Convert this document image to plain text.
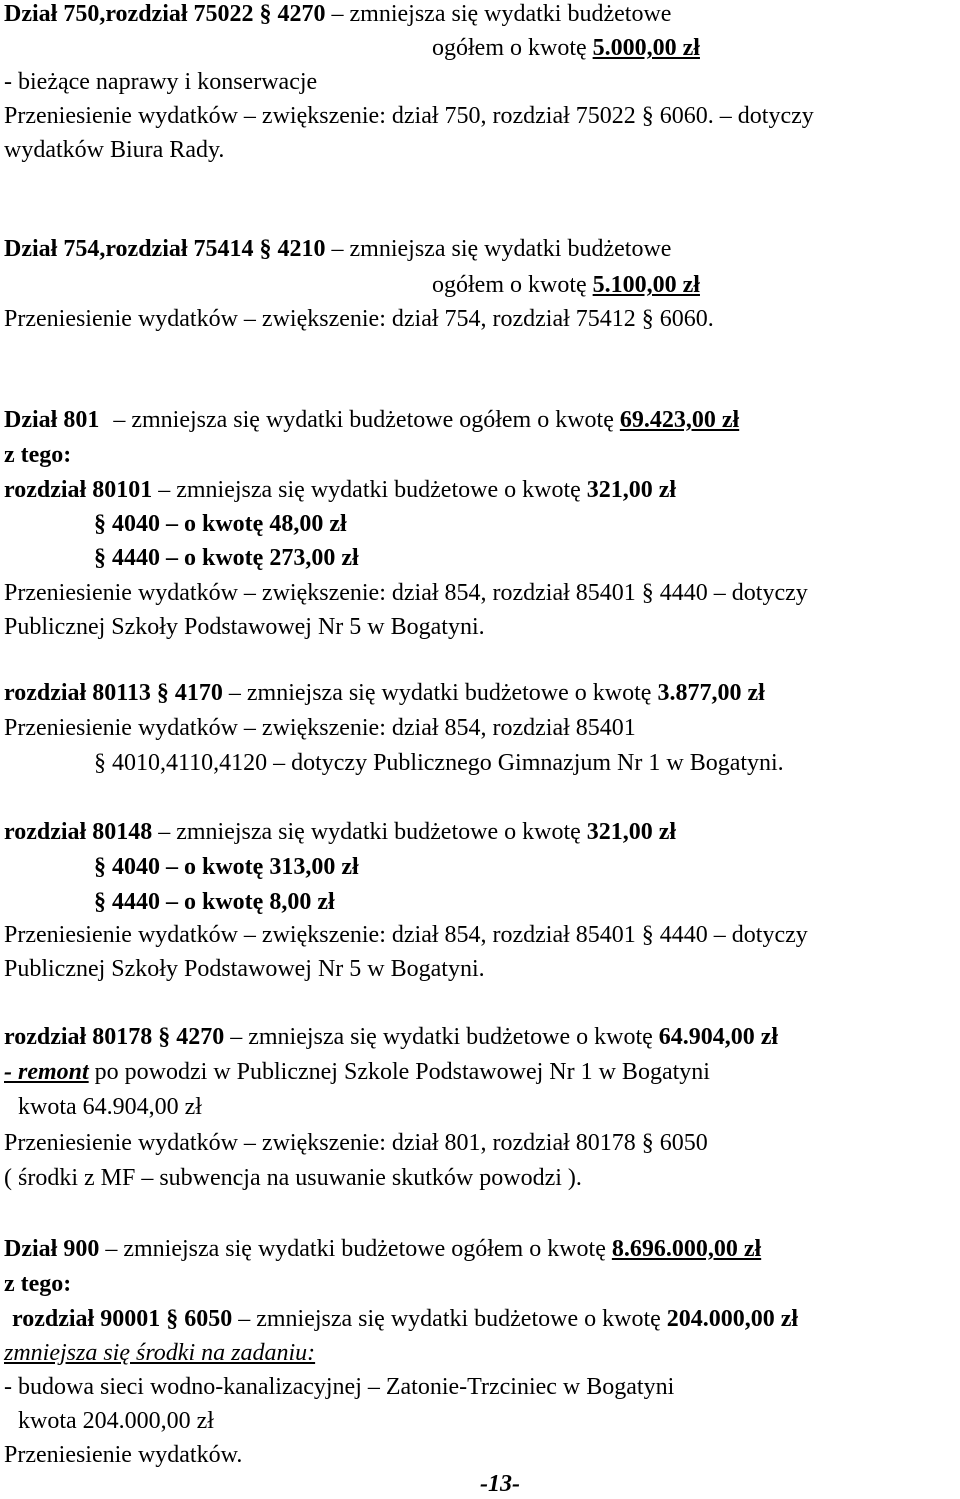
Dział 750,rozdział 75022 § 4270 – zmniejsza się wydatki budżetowe
ogółem o kwotę 5.000,00 zł
- bieżące naprawy i konserwacje
Przeniesienie wydatków – zwiększenie: dział 750, rozdział 75022 § 6060. – dotyczy
wydatków Biura Rady.
Dział 754,rozdział 75414 § 4210 – zmniejsza się wydatki budżetowe
ogółem o kwotę 5.100,00 zł
Przeniesienie wydatków – zwiększenie: dział 754, rozdział 75412 § 6060.
Dział 801 – zmniejsza się wydatki budżetowe ogółem o kwotę 69.423,00 zł
z tego:
rozdział 80101 – zmniejsza się wydatki budżetowe o kwotę 321,00 zł
§ 4040 – o kwotę 48,00 zł
§ 4440 – o kwotę 273,00 zł
Przeniesienie wydatków – zwiększenie: dział 854, rozdział 85401 § 4440 – dotyczy
Publicznej Szkoły Podstawowej Nr 5 w Bogatyni.
rozdział 80113 § 4170 – zmniejsza się wydatki budżetowe o kwotę 3.877,00 zł
Przeniesienie wydatków – zwiększenie: dział 854, rozdział 85401
§ 4010,4110,4120 – dotyczy Publicznego Gimnazjum Nr 1 w Bogatyni.
rozdział 80148 – zmniejsza się wydatki budżetowe o kwotę 321,00 zł
§ 4040 – o kwotę 313,00 zł
§ 4440 – o kwotę 8,00 zł
Przeniesienie wydatków – zwiększenie: dział 854, rozdział 85401 § 4440 – dotyczy
Publicznej Szkoły Podstawowej Nr 5 w Bogatyni.
rozdział 80178 § 4270 – zmniejsza się wydatki budżetowe o kwotę 64.904,00 zł
- remont po powodzi w Publicznej Szkole Podstawowej Nr 1 w Bogatyni
kwota 64.904,00 zł
Przeniesienie wydatków – zwiększenie: dział 801, rozdział 80178 § 6050
( środki z MF – subwencja na usuwanie skutków powodzi ).
Dział 900 – zmniejsza się wydatki budżetowe ogółem o kwotę 8.696.000,00 zł
z tego:
rozdział 90001 § 6050 – zmniejsza się wydatki budżetowe o kwotę 204.000,00 zł
zmniejsza się środki na zadaniu:
- budowa sieci wodno-kanalizacyjnej – Zatonie-Trzciniec w Bogatyni
kwota 204.000,00 zł
Przeniesienie wydatków.
-13-
